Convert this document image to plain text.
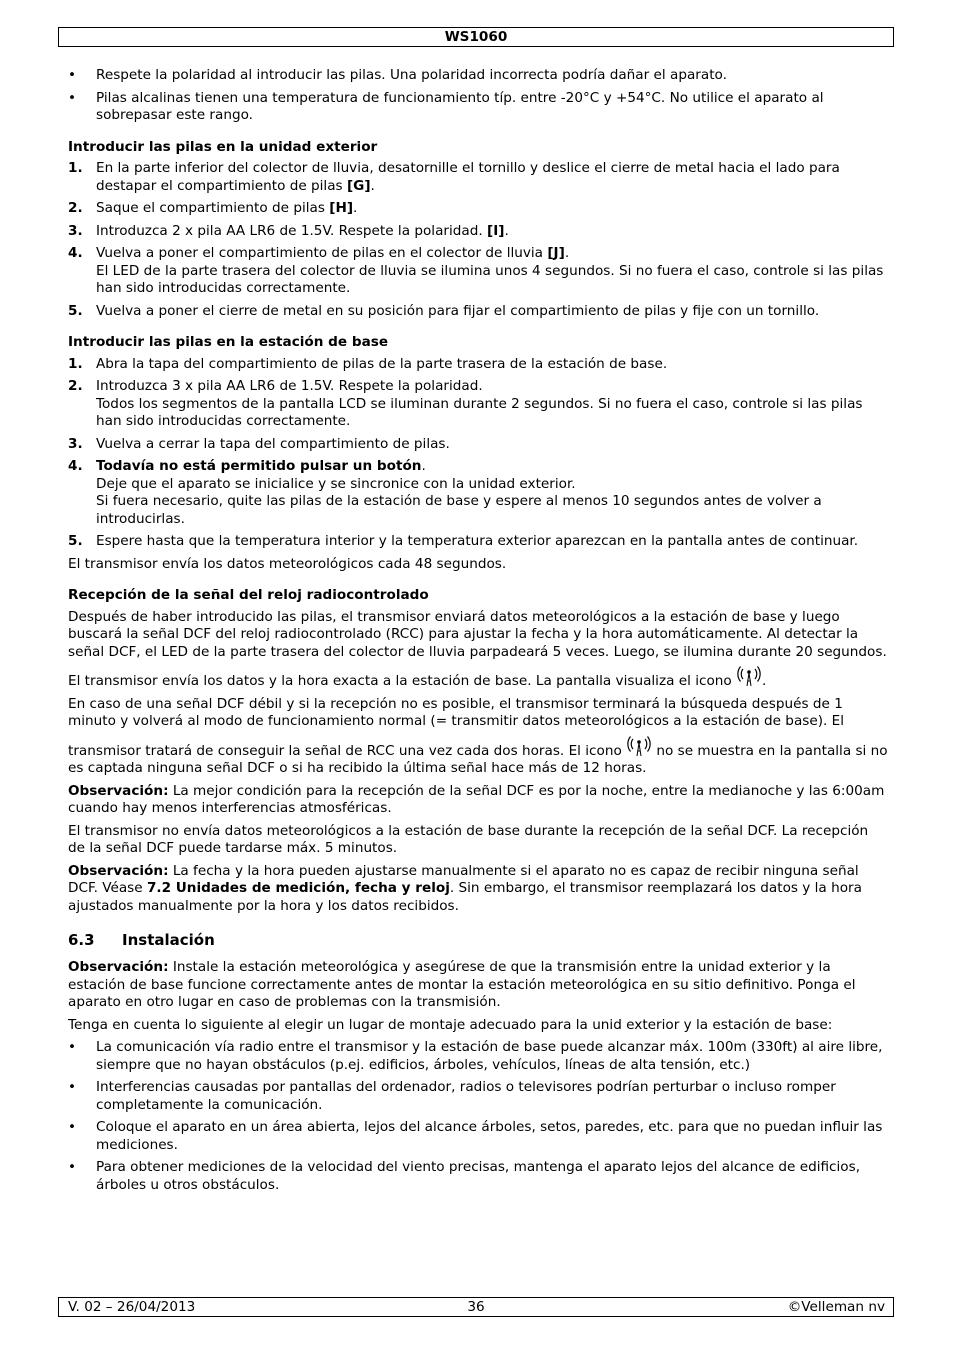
WS1060
• Respete la polaridad al introducir las pilas. Una polaridad incorrecta podría dañar el aparato.
• Pilas alcalinas tienen una temperatura de funcionamiento típ. entre -20°C y +54°C. No utilice el aparato al sobrepasar este rango.
Introducir las pilas en la unidad exterior
1. En la parte inferior del colector de lluvia, desatornille el tornillo y deslice el cierre de metal hacia el lado para destapar el compartimiento de pilas [G].
2. Saque el compartimiento de pilas [H].
3. Introduzca 2 x pila AA LR6 de 1.5V. Respete la polaridad. [I].
4. Vuelva a poner el compartimiento de pilas en el colector de lluvia [J].
El LED de la parte trasera del colector de lluvia se ilumina unos 4 segundos. Si no fuera el caso, controle si las pilas han sido introducidas correctamente.
5. Vuelva a poner el cierre de metal en su posición para fijar el compartimiento de pilas y fije con un tornillo.
Introducir las pilas en la estación de base
1. Abra la tapa del compartimiento de pilas de la parte trasera de la estación de base.
2. Introduzca 3 x pila AA LR6 de 1.5V. Respete la polaridad.
Todos los segmentos de la pantalla LCD se iluminan durante 2 segundos. Si no fuera el caso, controle si las pilas han sido introducidas correctamente.
3. Vuelva a cerrar la tapa del compartimiento de pilas.
4. Todavía no está permitido pulsar un botón.
Deje que el aparato se inicialice y se sincronice con la unidad exterior.
Si fuera necesario, quite las pilas de la estación de base y espere al menos 10 segundos antes de volver a introducirlas.
5. Espere hasta que la temperatura interior y la temperatura exterior aparezcan en la pantalla antes de continuar.

El transmisor envía los datos meteorológicos cada 48 segundos.

Recepción de la señal del reloj radiocontrolado

Después de haber introducido las pilas, el transmisor enviará datos meteorológicos a la estación de base y luego buscará la señal DCF del reloj radiocontrolado (RCC) para ajustar la fecha y la hora automáticamente. Al detectar la señal DCF, el LED de la parte trasera del colector de lluvia parpadeará 5 veces. Luego, se ilumina durante 20 segundos. El transmisor envía los datos y la hora exacta a la estación de base. La pantalla visualiza el icono .

En caso de una señal DCF débil y si la recepción no es posible, el transmisor terminará la búsqueda después de 1 minuto y volverá al modo de funcionamiento normal (= transmitir datos meteorológicos a la estación de base). El transmisor tratará de conseguir la señal de RCC una vez cada dos horas. El icono  no se muestra en la pantalla si no es captada ninguna señal DCF o si ha recibido la última señal hace más de 12 horas.

Observación: La mejor condición para la recepción de la señal DCF es por la noche, entre la medianoche y las 6:00am cuando hay menos interferencias atmosféricas.

El transmisor no envía datos meteorológicos a la estación de base durante la recepción de la señal DCF. La recepción de la señal DCF puede tardarse máx. 5 minutos.

Observación: La fecha y la hora pueden ajustarse manualmente si el aparato no es capaz de recibir ninguna señal DCF. Véase 7.2 Unidades de medición, fecha y reloj. Sin embargo, el transmisor reemplazará los datos y la hora ajustados manualmente por la hora y los datos recibidos.

6.3 Instalación

Observación: Instale la estación meteorológica y asegúrese de que la transmisión entre la unidad exterior y la estación de base funcione correctamente antes de montar la estación meteorológica en su sitio definitivo. Ponga el aparato en otro lugar en caso de problemas con la transmisión.

Tenga en cuenta lo siguiente al elegir un lugar de montaje adecuado para la unid exterior y la estación de base:

• La comunicación vía radio entre el transmisor y la estación de base puede alcanzar máx. 100m (330ft) al aire libre, siempre que no hayan obstáculos (p.ej. edificios, árboles, vehículos, líneas de alta tensión, etc.)
• Interferencias causadas por pantallas del ordenador, radios o televisores podrían perturbar o incluso romper completamente la comunicación.
• Coloque el aparato en un área abierta, lejos del alcance árboles, setos, paredes, etc. para que no puedan influir las mediciones.
• Para obtener mediciones de la velocidad del viento precisas, mantenga el aparato lejos del alcance de edificios, árboles u otros obstáculos.
V. 02 – 26/04/2013	36	©Velleman nv
